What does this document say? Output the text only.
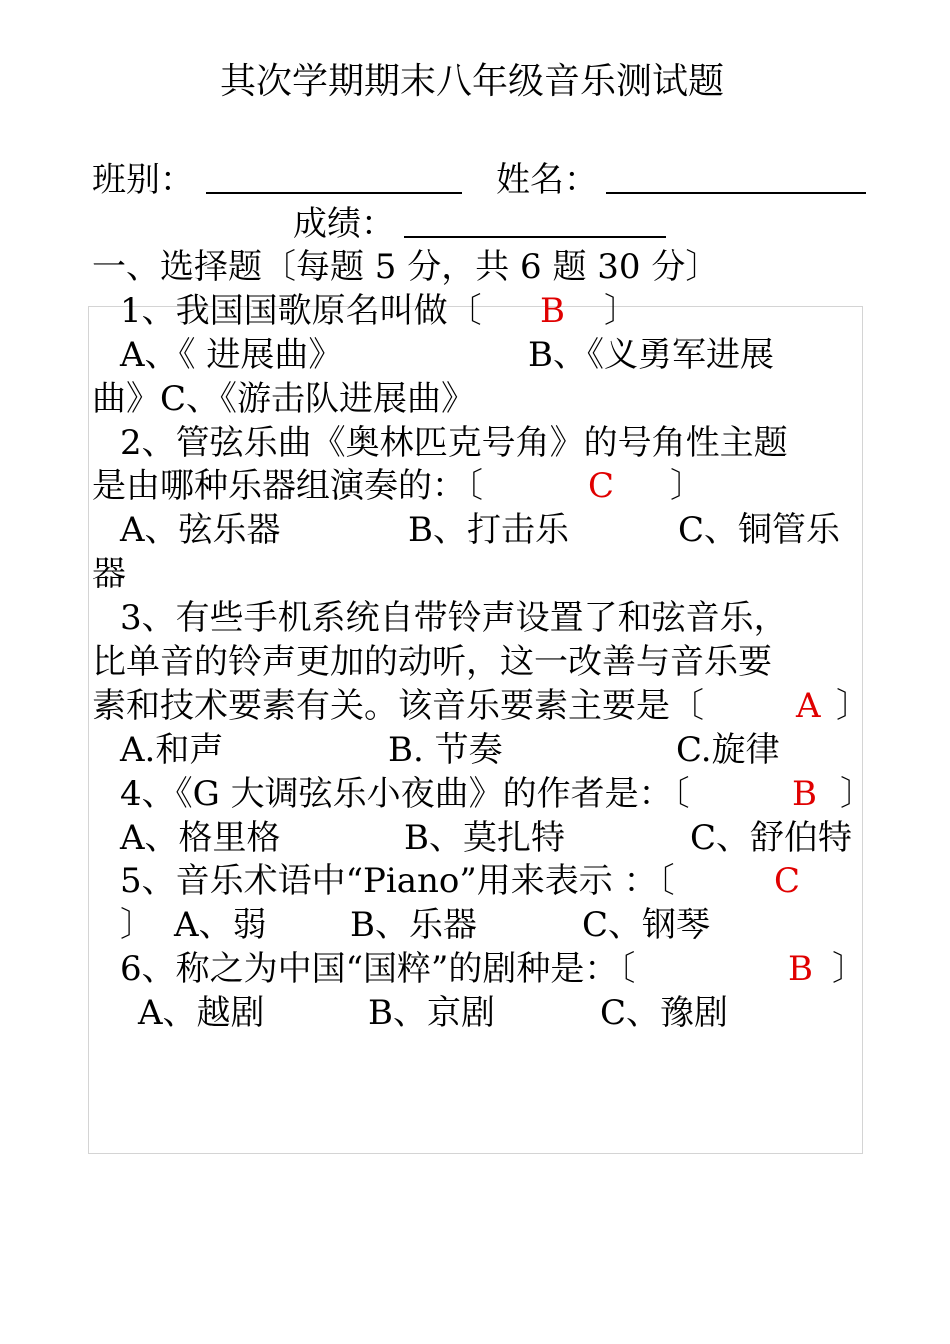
其次学期期末八年级音乐测试题
班别：	姓名：
成绩：
一、选择题〔每题 5 分，共 6 题 30 分〕
1、我国国歌原名叫做〔 B 〕
A、《 进展曲》	B、《义勇军进展
曲》C、《游击队进展曲》
2、管弦乐曲《奥林匹克号角》的号角性主题
是由哪种乐器组演奏的：〔	C 〕
A、弦乐器	B、打击乐	C、铜管乐
器
3、有些手机系统自带铃声设置了和弦音乐，
比单音的铃声更加的动听，这一改善与音乐要
素和技术要素有关。该音乐要素主要是〔	A 〕
A.和声	B. 节奏	C.旋律
4、《G 大调弦乐小夜曲》的作者是：〔	B 〕
A、格里格	B、莫扎特	C、舒伯特
5、音乐术语中“Piano”用来表示 ：〔	C
〕 A、弱 B、乐器	C、钢琴
6、称之为中国“国粹”的剧种是：〔	B 〕
A、越剧	B、京剧	C、豫剧
